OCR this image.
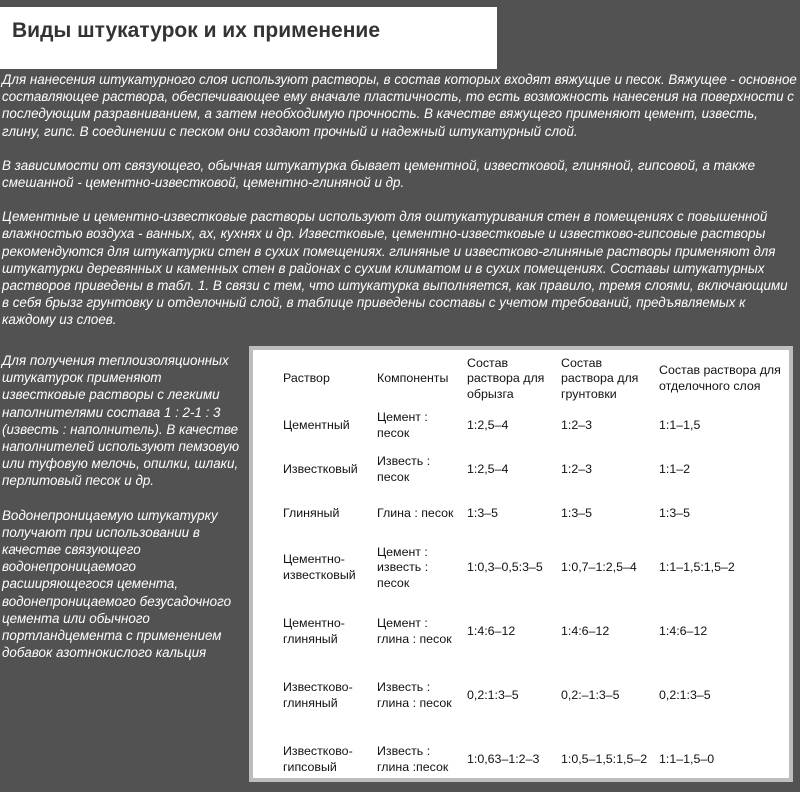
Виды штукатурок и их применение

Для нанесения штукатурного слоя используют растворы, в состав которых входят вяжущие и песок. Вяжущее - основное составляющее раствора, обеспечивающее ему вначале пластичность, то есть возможность нанесения на поверхности с последующим разравниванием, а затем необходимую прочность. В качестве вяжущего применяют цемент, известь, глину, гипс. В соединении с песком они создают прочный и надежный штукатурный слой.

В зависимости от связующего, обычная штукатурка бывает цементной, известковой, глиняной, гипсовой, а также смешанной - цементно-известковой, цементно-глиняной и др.

Цементные и цементно-известковые растворы используют для оштукатуривания стен в помещениях с повышенной влажностью воздуха - ванных, ах, кухнях и др. Известковые, цементно-известковые и известково-гипсовые растворы рекомендуются для штукатурки стен в сухих помещениях. глиняные и известково-глиняные растворы применяют для штукатурки деревянных и каменных стен в районах с сухим климатом и в сухих помещениях. Составы штукатурных растворов приведены в табл. 1. В связи с тем, что штукатурка выполняется, как правило, тремя слоями, включающими в себя брызг грунтовку и отделочный слой, в таблице приведены составы с учетом требований, предъявляемых к каждому из слоев.

Для получения теплоизоляционных штукатурок применяют известковые растворы с легкими наполнителями состава 1 : 2-1 : 3 (известь : наполнитель). В качестве наполнителей используют пемзовую или туфовую мелочь, опилки, шлаки, перлитовый песок и др.

Водонепроницаемую штукатурку получают при использовании в качестве связующего водонепроницаемого расширяющегося цемента, водонепроницаемого безусадочного цемента или обычного портландцемента с применением добавок азотнокислого кальция

Раствор	Компоненты	Состав раствора для обрызга	Состав раствора для грунтовки	Состав раствора для отделочного слоя
Цементный	Цемент : песок	1:2,5–4	1:2–3	1:1–1,5
Известковый	Известь : песок	1:2,5–4	1:2–3	1:1–2
Глиняный	Глина : песок	1:3–5	1:3–5	1:3–5
Цементно-известковый	Цемент : известь : песок	1:0,3–0,5:3–5	1:0,7–1:2,5–4	1:1–1,5:1,5–2
Цементно-глиняный	Цемент : глина : песок	1:4:6–12	1:4:6–12	1:4:6–12
Известково-глиняный	Известь : глина : песок	0,2:1:3–5	0,2:–1:3–5	0,2:1:3–5
Известково-гипсовый	Известь : глина :песок	1:0,63–1:2–3	1:0,5–1,5:1,5–2	1:1–1,5–0
